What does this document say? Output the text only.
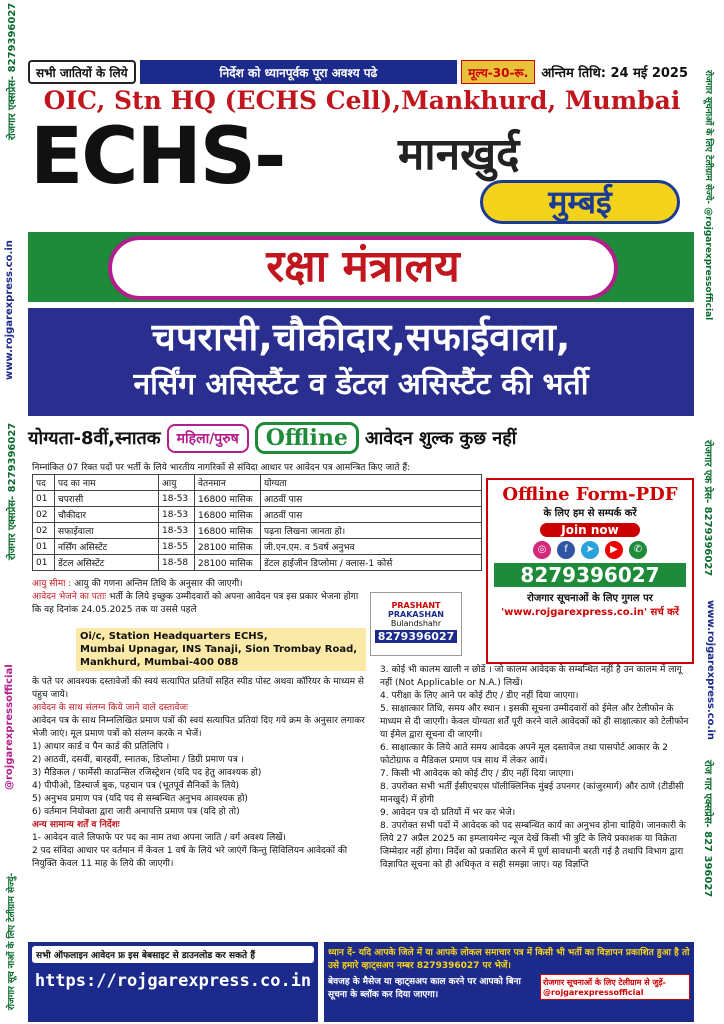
रोजगार एक्सप्रेस- 8279396027
www.rojgarexpress.co.in
रोजगार एक्सप्रेस- 8279396027
@rojgarexpressofficial
रोजगार सूच नाओं के लिए टेलीग्राम सेज्युं-
रोजगार सूचनाओं के लिए टेलीग्राम सेज्ये- @rojgarexpressofficial
रोजगार एक प्रेस- 8279396027
www.rojgarexpress.co.in
रोज गार एक्सप्रेस- 827 396027
सभी जातियों के लिये	निर्देश को ध्यानपूर्वक पूरा अवश्य पढे	मूल्य-30-रू.	अन्तिम तिथि: 24 मई 2025
OIC, Stn HQ (ECHS Cell),Mankhurd, Mumbai
ECHS-	मानखुर्द
मुम्बई
रक्षा मंत्रालय
चपरासी,चौकीदार,सफाईवाला,
नर्सिंग असिस्टैंट व डेंटल असिस्टैंट की भर्ती
योग्यता-8वीं,स्नातक	महिला/पुरुष	Offline आवेदन शुल्क कुछ नहीं
निम्नांकित 07 रिक्त पदों पर भर्ती के लिये भारतीय नागरिकों से संविदा आधार पर आवेदन पत्र आमन्त्रित किए जाते हैं:
पद	पद का नाम	आयु	वेतनमान	योग्यता
01	चपरासी	18-53	16800 मासिक	आठवीं पास
02	चौकीदार	18-53	16800 मासिक	आठवीं पास
02	सफाईवाला	18-53	16800 मासिक	पढ़ना लिखना जानता हो।
01	नर्सिंग असिस्टेंट	18-55	28100 मासिक	जी.एन.एम. व 5वर्ष अनुभव
01	डेंटल असिस्टेंट	18-58	28100 मासिक	डेंटल हाईजीन डिप्लोमा / क्लास-1 कोर्स
Offline Form-PDF
के लिए हम से सम्पर्क करें
Join now
◎	f	➤	▶	✆
8279396027
रोजगार सूचनाओं के लिए गुगल पर
'www.rojgarexpress.co.in' सर्च करें
आयु सीमा : आयु की गणना अन्तिम तिथि के अनुसार की जाएगी।
आवेदन भेजने का पताः भर्ती के लिये इच्छुक उम्मीदवारों को अपना आवेदन पत्र इस प्रकार भेजना होगा कि वह दिनांक 24.05.2025 तक या उससे पहले
Oi/c, Station Headquarters ECHS,
Mumbai Upnagar, INS Tanaji, Sion Trombay Road,
Mankhurd, Mumbai-400 088
PRASHANT
PRAKASHAN
Bulandshahr
8279396027
के पते पर आवश्यक दस्तावेजों की स्वयं सत्यापित प्रतियों सहित स्पीड पोस्ट अथवा कॉरियर के माध्यम से पंहुच जाये।
आवेदन के साथ संलग्न किये जाने वाले दस्तावेजः
आवेदन पत्र के साथ निम्नलिखित प्रमाण पत्रों की स्वयं सत्यापित प्रतियां दिए गये क्रम के अनुसार लगाकर भेजी जाएं। मूल प्रमाण पत्रों को संलग्न करके न भेजें।
1) आधार कार्ड व पैन कार्ड की प्रतिलिपि ।
2) आठवीं, दसवीं, बारहवीं, स्नातक, डिप्लोमा / डिग्री प्रमाण पत्र ।
3) मैडिकल / फार्मेसी काउन्सिल रजिस्ट्रेशन (यदि पद हेतु आवश्यक हो)
4) पीपीओ, डिस्चार्ज बुक, पहचान पत्र (भूतपूर्व सैनिकों के लिये)
5) अनुभव प्रमाण पत्र (यदि पद से सम्बन्धित अनुभव आवश्यक हो)
6) वर्तमान नियोक्ता द्वारा जारी अनापत्ति प्रमाण पत्र (यदि हो तो)
अन्य सामान्य शर्तें व निर्देशः
1- आवेदन वाले लिफाफे पर पद का नाम तथा अपना जाति / वर्ग अवश्य लिखें।
2 पद संविदा आधार पर वर्तमान में केवल 1 वर्ष के लिये भरे जाएंगें किन्तु सिविलियन आवेदकों की नियुक्ति केवल 11 माह के लिये की जाएगी।
3. कोई भी कालम खाली न छोडें । जो कालम आवेदक के सम्बन्धित नहीं है उन कालम में लागू नहीं (Not Applicable or N.A.) लिखें।
4. परीक्षा के लिए आने पर कोई टीए / डीए नहीं दिया जाएगा।
5. साक्षात्कार तिथि, समय और स्थान । इसकी सूचना उम्मीदवारों को ईमेल और टेलीफोन के माध्यम से दी जाएगी। केवल योग्यता शर्तें पूरी करने वाले आवेदकों को ही साक्षात्कार को टेलीफोन या ईमेल द्वारा सूचना दी जाएगी।
6. साक्षात्कार के लिये आते समय आवेदक अपने मूल दस्तावेज तथा पासपोर्ट आकार के 2 फोटोग्राफ व मैडिकल प्रमाण पत्र साथ में लेकर आयें।
7. किसी भी आवेदक को कोई टीए / डीए नहीं दिया जाएगा।
8. उपरोक्त सभी भर्ती ईसीएचएस पॉलीक्लिनिक मुंबई उपनगर (कांजुरमार्ग) और ठाणे (टीडीसी मानखुर्द) में होगी
9. आवेदन पत्र दो प्रतियों में भर कर भेजे।
8. उपरोक्त सभी पदों में आवेदक को पद सम्बन्धित कार्य का अनुभव होना चाहिये। जानकारी के लिये 27 अप्रैल 2025 का इम्प्लायमेन्ट न्यूज देखें किसी भी त्रुटि के लिये प्रकाशक या विक्रेता जिम्मेदार नहीं होगा। निर्देश को प्रकाशित करने में पूर्ण सावधानी बरती गई है तथापि विभाग द्वारा विज्ञापित सूचना को ही अधिकृत व सही समझा जाए। यह विज्ञप्ति
सभी ऑफलाइन आवेदन फ्र इस बेबसाइट से डाउनलोड कर सकते हैं
https://rojgarexpress.co.in
ध्यान दें- यदि आपके जिले में या आपके लोकल समाचार पत्र में किसी भी भर्ती का विज्ञापन प्रकाशित हुआ है तो उसे हमारे व्हाट्सअप नम्बर 8279396027 पर भेजें।
बेवजह के मैसेज या व्हाट्सअप काल करने पर आपको बिना सूचना के ब्लॉक कर दिया जाएगा।
रोजगार सूचनाओं के लिए टेलीग्राम से जुड़ें- @rojgarexpressofficial
